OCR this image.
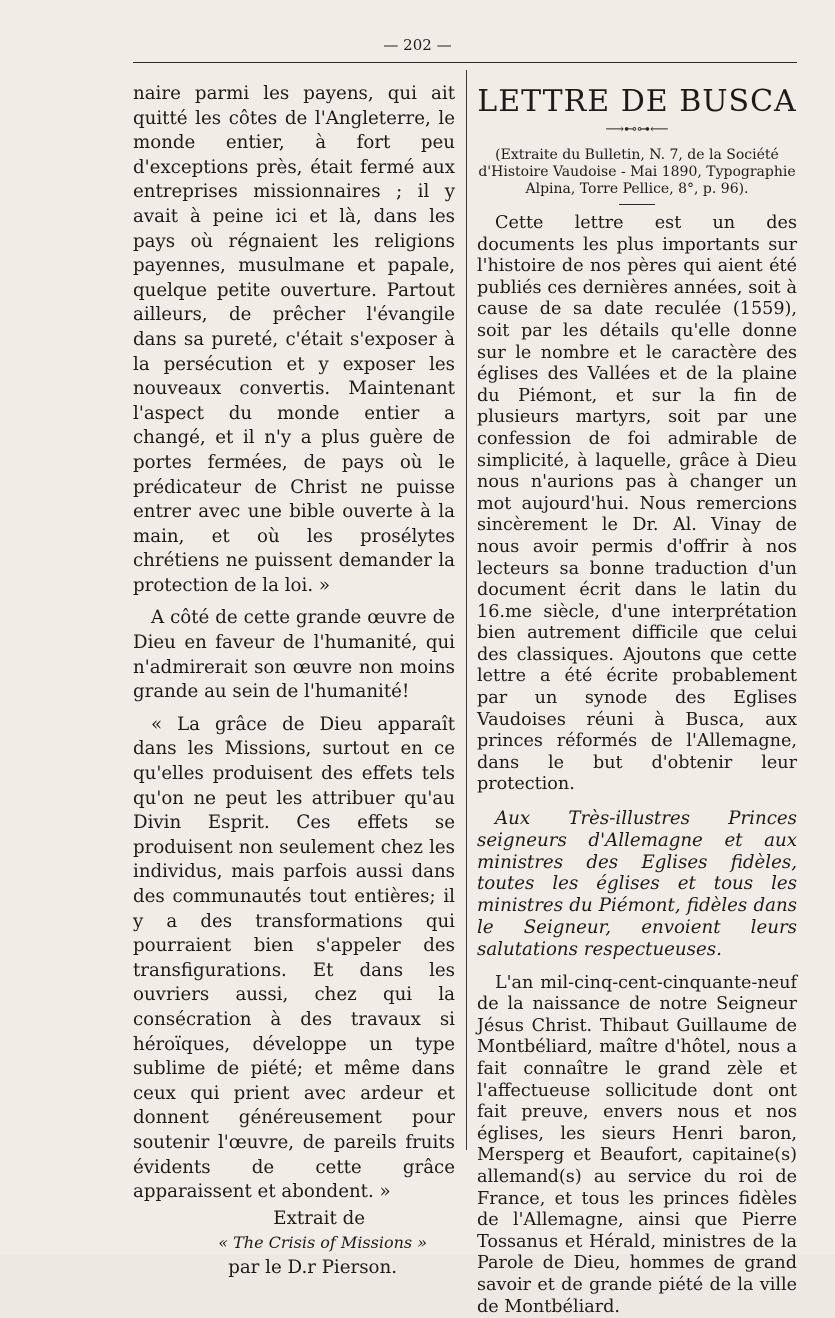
— 202 —

naire parmi les payens, qui ait quitté les côtes de l'Angleterre, le monde entier, à fort peu d'exceptions près, était fermé aux entreprises missionnaires ; il y avait à peine ici et là, dans les pays où régnaient les religions payennes, musulmane et papale, quelque petite ouverture. Partout ailleurs, de prêcher l'évangile dans sa pureté, c'était s'exposer à la persécution et y exposer les nouveaux convertis. Maintenant l'aspect du monde entier a changé, et il n'y a plus guère de portes fermées, de pays où le prédicateur de Christ ne puisse entrer avec une bible ouverte à la main, et où les prosélytes chrétiens ne puissent demander la protection de la loi. »

A côté de cette grande œuvre de Dieu en faveur de l'humanité, qui n'admirerait son œuvre non moins grande au sein de l'humanité!

« La grâce de Dieu apparaît dans les Missions, surtout en ce qu'elles produisent des effets tels qu'on ne peut les attribuer qu'au Divin Esprit. Ces effets se produisent non seulement chez les individus, mais parfois aussi dans des communautés tout entières; il y a des transformations qui pourraient bien s'appeler des transfigurations. Et dans les ouvriers aussi, chez qui la consécration à des travaux si héroïques, développe un type sublime de piété; et même dans ceux qui prient avec ardeur et donnent généreusement pour soutenir l'œuvre, de pareils fruits évidents de cette grâce apparaissent et abondent. »

Extrait de
« The Crisis of Missions »
par le D.r Pierson.
LETTRE DE BUSCA
⟶⊷⊶⟵
(Extraite du Bulletin, N. 7, de la Société d'Histoire Vaudoise - Mai 1890, Typographie Alpina, Torre Pellice, 8°, p. 96).

Cette lettre est un des documents les plus importants sur l'histoire de nos pères qui aient été publiés ces dernières années, soit à cause de sa date reculée (1559), soit par les détails qu'elle donne sur le nombre et le caractère des églises des Vallées et de la plaine du Piémont, et sur la fin de plusieurs martyrs, soit par une confession de foi admirable de simplicité, à laquelle, grâce à Dieu nous n'aurions pas à changer un mot aujourd'hui. Nous remercions sincèrement le Dr. Al. Vinay de nous avoir permis d'offrir à nos lecteurs sa bonne traduction d'un document écrit dans le latin du 16.me siècle, d'une interprétation bien autrement difficile que celui des classiques. Ajoutons que cette lettre a été écrite probablement par un synode des Eglises Vaudoises réuni à Busca, aux princes réformés de l'Allemagne, dans le but d'obtenir leur protection.

Aux Très-illustres Princes seigneurs d'Allemagne et aux ministres des Eglises fidèles, toutes les églises et tous les ministres du Piémont, fidèles dans le Seigneur, envoient leurs salutations respectueuses.

L'an mil-cinq-cent-cinquante-neuf de la naissance de notre Seigneur Jésus Christ. Thibaut Guillaume de Montbéliard, maître d'hôtel, nous a fait connaître le grand zèle et l'affectueuse sollicitude dont ont fait preuve, envers nous et nos églises, les sieurs Henri baron, Mersperg et Beaufort, capitaine(s) allemand(s) au service du roi de France, et tous les princes fidèles de l'Allemagne, ainsi que Pierre Tossanus et Hérald, ministres de la Parole de Dieu, hommes de grand savoir et de grande piété de la ville de Montbéliard.
